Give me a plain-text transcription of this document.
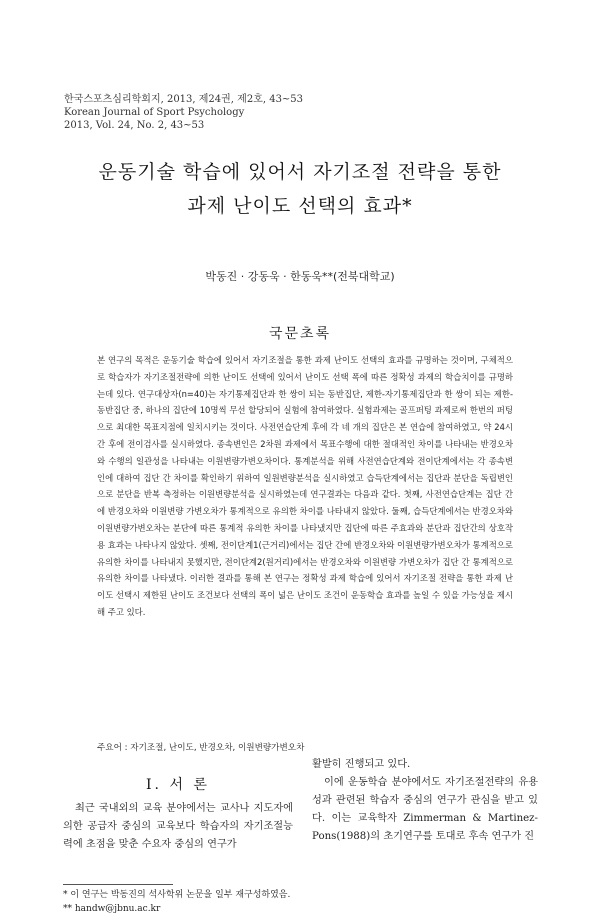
한국스포츠심리학회지, 2013, 제24권, 제2호, 43~53
Korean Journal of Sport Psychology
2013, Vol. 24, No. 2, 43~53
운동기술 학습에 있어서 자기조절 전략을 통한
과제 난이도 선택의 효과*
박동진 · 강동욱 · 한동욱**(전북대학교)
국문초록
본 연구의 목적은 운동기술 학습에 있어서 자기조절을 통한 과제 난이도 선택의 효과를 규명하는 것이며, 구체적으로 학습자가 자기조절전략에 의한 난이도 선택에 있어서 난이도 선택 폭에 따른 정확성 과제의 학습치이를 규명하는데 있다. 연구대상자(n=40)는 자기통제집단과 한 쌍이 되는 동반집단, 제한-자기통제집단과 한 쌍이 되는 제한-동반집단 중, 하나의 집단에 10명씩 무선 할당되어 실험에 참여하였다. 실험과제는 골프퍼팅 과제로써 한번의 퍼팅으로 최대한 목표지점에 일치시키는 것이다. 사전연습단계 후에 각 네 개의 집단은 본 연습에 참여하였고, 약 24시간 후에 전이검사를 실시하였다. 종속변인은 2차원 과제에서 목표수행에 대한 절대적인 차이를 나타내는 반경오차와 수행의 일관성을 나타내는 이원변량가변오차이다. 통계분석을 위해 사전연습단계와 전이단계에서는 각 종속변인에 대하여 집단 간 차이를 확인하기 위하여 일원변량분석을 실시하였고 습득단계에서는 집단과 분단을 독립변인으로 분단을 반복 측정하는 이원변량분석을 실시하였는데 연구결과는 다음과 같다. 첫째, 사전연습단계는 집단 간에 반경오차와 이원변량 가변오차가 통계적으로 유의한 차이를 나타내지 않았다. 둘째, 습득단계에서는 반경오차와 이원변량가변오차는 분단에 따른 통계적 유의한 차이를 나타냈지만 집단에 따른 주효과와 분단과 집단간의 상호작용 효과는 나타나지 않았다. 셋째, 전이단계1(근거리)에서는 집단 간에 반경오차와 이원변량가변오차가 통계적으로 유의한 차이를 나타내지 못했지만, 전이단계2(원거리)에서는 반경오차와 이원변량 가변오차가 집단 간 통계적으로 유의한 차이를 나타냈다. 이러한 결과를 통해 본 연구는 정확성 과제 학습에 있어서 자기조절 전략을 통한 과제 난이도 선택시 제한된 난이도 조건보다 선택의 폭이 넓은 난이도 조건이 운동학습 효과를 높일 수 있을 가능성을 제시해 주고 있다.
주요어 : 자기조절, 난이도, 반경오차, 이원변량가변오차
Ⅰ. 서 론

최근 국내외의 교육 분야에서는 교사나 지도자에 의한 공급자 중심의 교육보다 학습자의 자기조절능력에 초점을 맞춘 수요자 중심의 연구가

활발히 진행되고 있다.

이에 운동학습 분야에서도 자기조절전략의 유용성과 관련된 학습자 중심의 연구가 관심을 받고 있다. 이는 교육학자 Zimmerman & Martinez-Pons(1988)의 초기연구를 토대로 후속 연구가 진

* 이 연구는 박동진의 석사학위 논문을 일부 재구성하였음.
** handw@jbnu.ac.kr
